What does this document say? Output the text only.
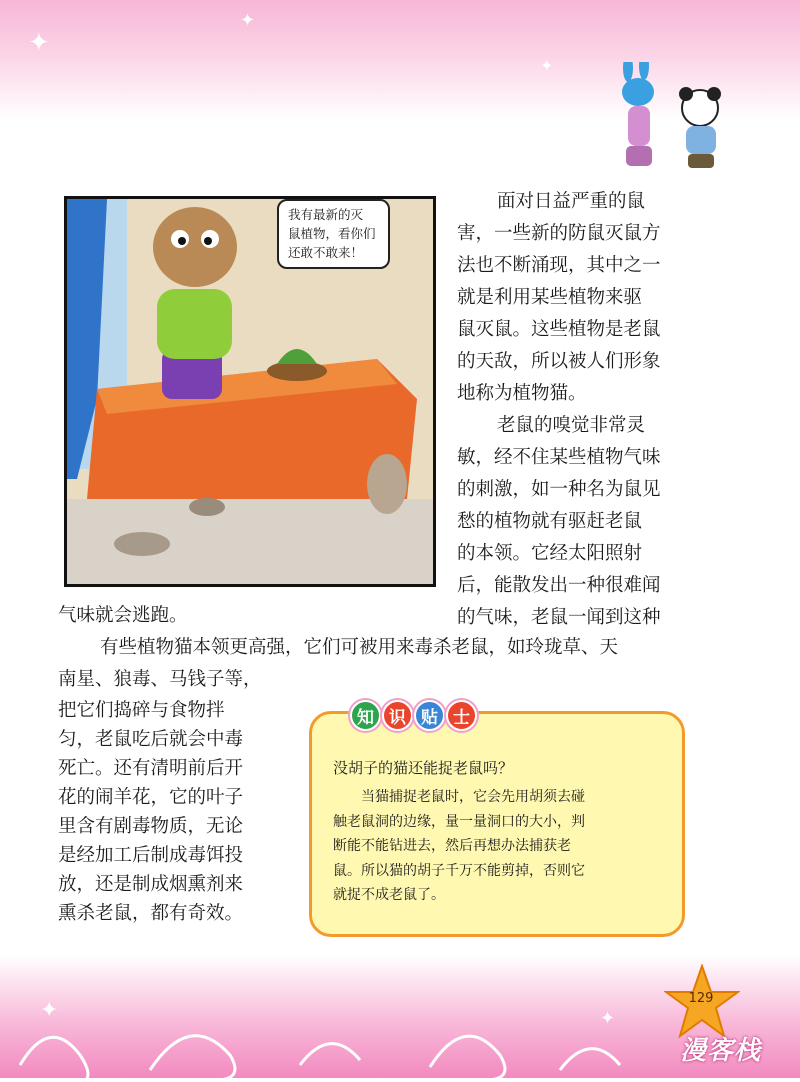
✦
✦
✦
我有最新的灭
鼠植物，看你们
还敢不敢来！
面对日益严重的鼠
害，一些新的防鼠灭鼠方
法也不断涌现，其中之一
就是利用某些植物来驱
鼠灭鼠。这些植物是老鼠
的天敌，所以被人们形象
地称为植物猫。
老鼠的嗅觉非常灵
敏，经不住某些植物气味
的刺激，如一种名为鼠见
愁的植物就有驱赶老鼠
的本领。它经太阳照射
后，能散发出一种很难闻
的气味，老鼠一闻到这种
气味就会逃跑。
有些植物猫本领更高强，它们可被用来毒杀老鼠，如玲珑草、天
南星、狼毒、马钱子等，
把它们捣碎与食物拌
匀，老鼠吃后就会中毒
死亡。还有清明前后开
花的闹羊花，它的叶子
里含有剧毒物质，无论
是经加工后制成毒饵投
放，还是制成烟熏剂来
熏杀老鼠，都有奇效。
知 识 贴 士
没胡子的猫还能捉老鼠吗？
当猫捕捉老鼠时，它会先用胡须去碰
触老鼠洞的边缘，量一量洞口的大小，判
断能不能钻进去，然后再想办法捕获老
鼠。所以猫的胡子千万不能剪掉，否则它
就捉不成老鼠了。
✦	✦
129
漫客栈
